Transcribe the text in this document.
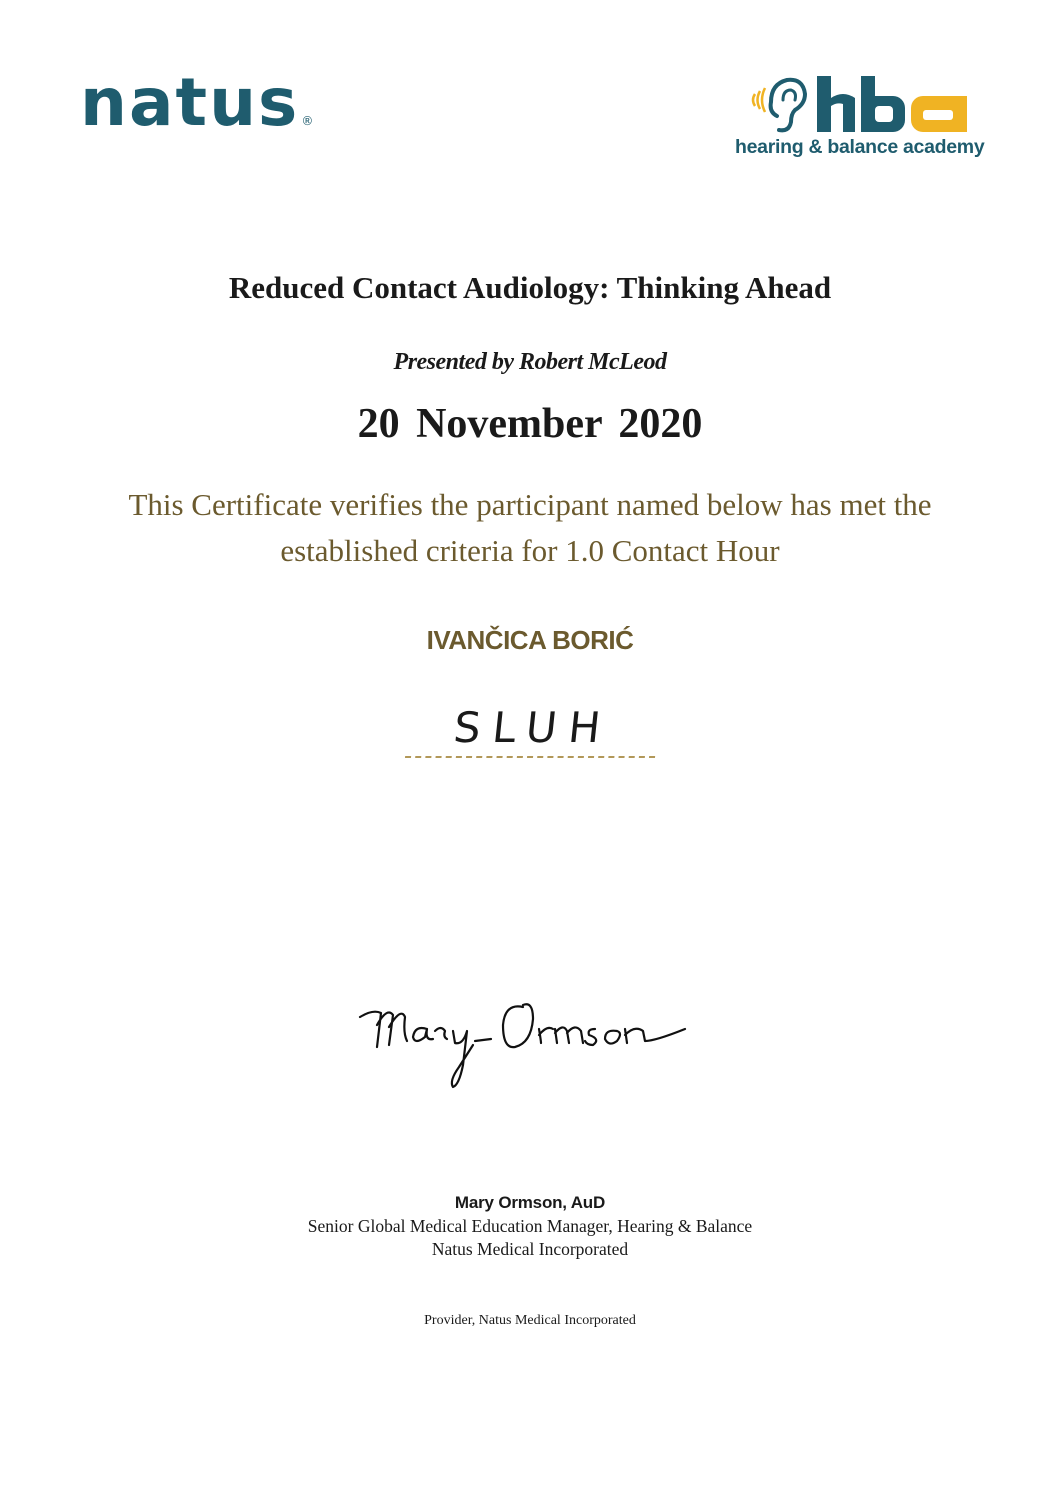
natus ®
hearing & balance academy
Reduced Contact Audiology: Thinking Ahead
Presented by Robert McLeod
20 November 2020
This Certificate verifies the participant named below has met the
established criteria for 1.0 Contact Hour
IVANČICA BORIĆ
SLUH
Mary Ormson, AuD
Senior Global Medical Education Manager, Hearing & Balance
Natus Medical Incorporated
Provider, Natus Medical Incorporated
